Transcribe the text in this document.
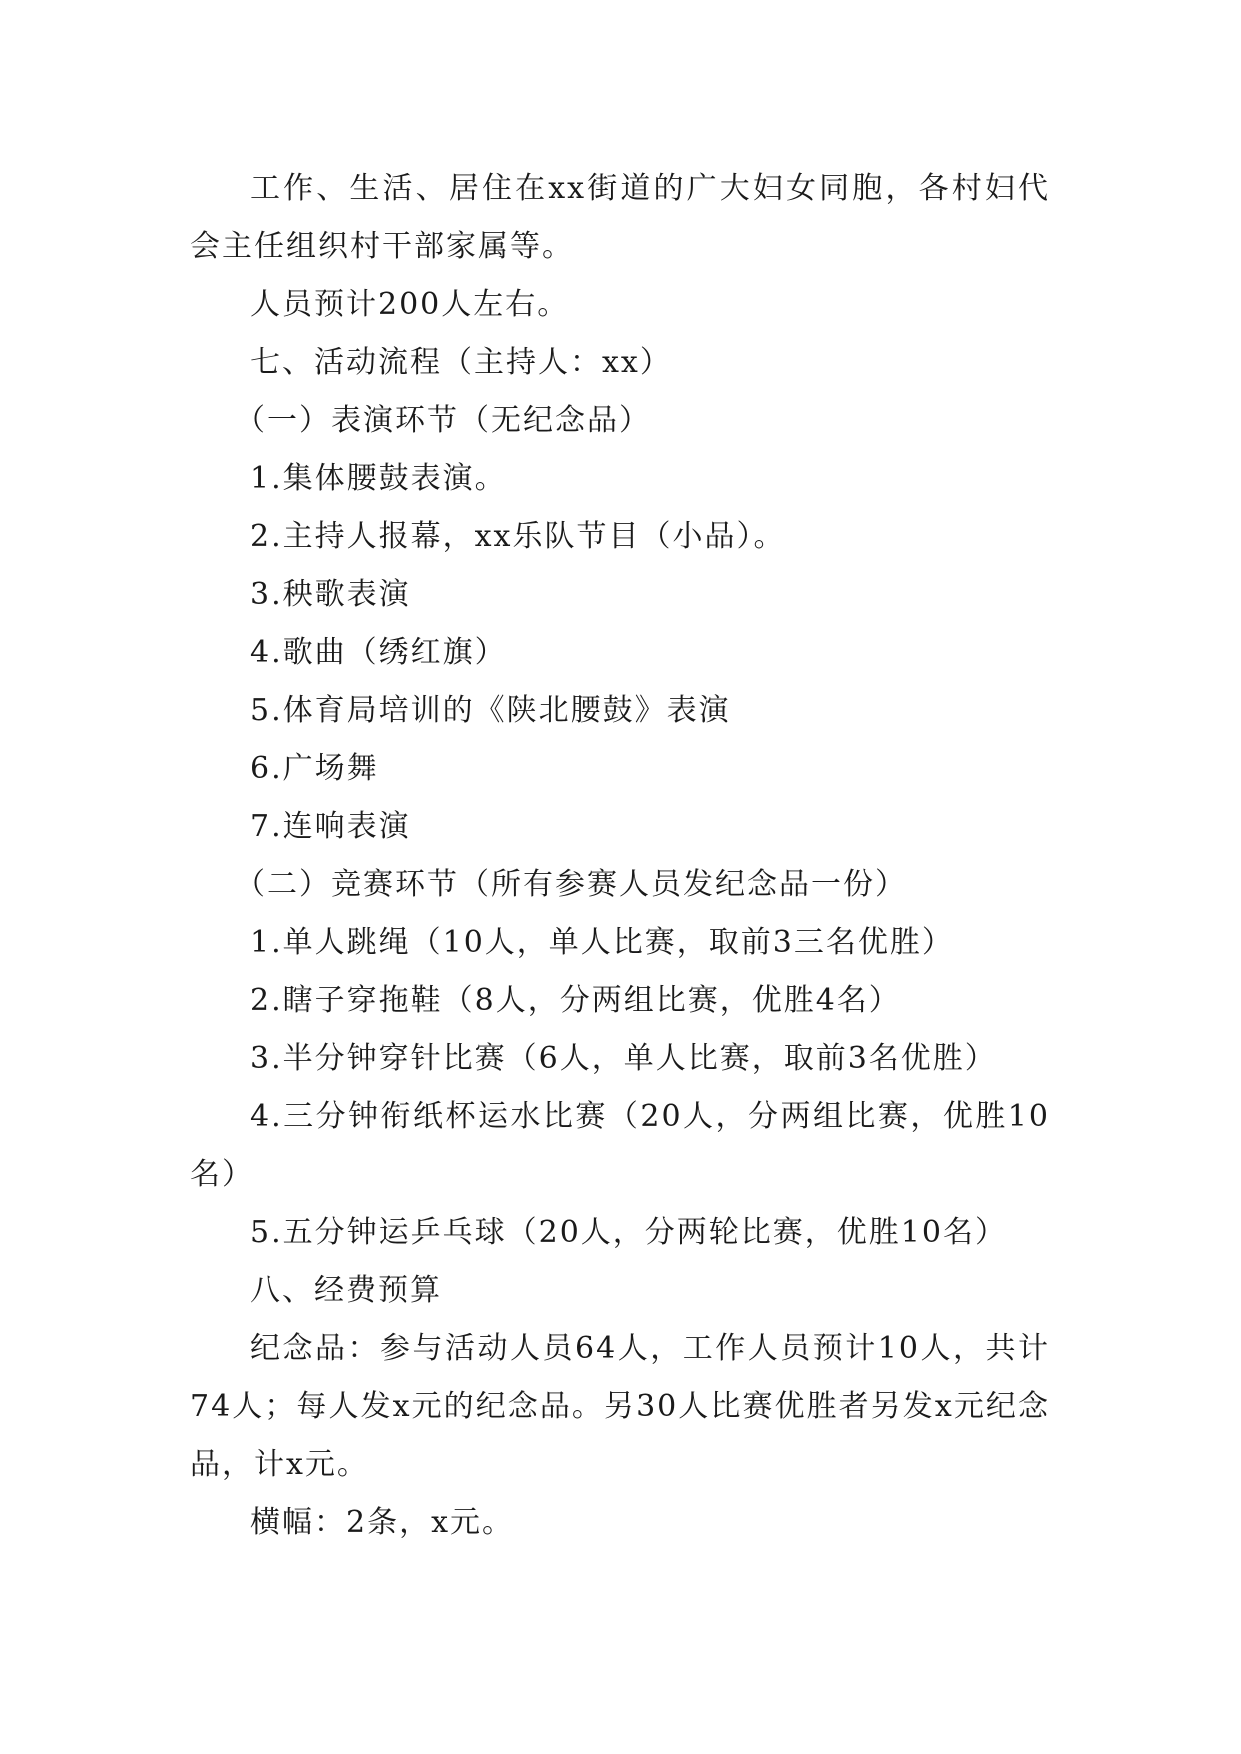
工作、生活、居住在xx街道的广大妇女同胞，各村妇代会主任组织村干部家属等。

人员预计200人左右。

七、活动流程（主持人：xx）

（一）表演环节（无纪念品）

1.集体腰鼓表演。

2.主持人报幕，xx乐队节目（小品）。

3.秧歌表演

4.歌曲（绣红旗）

5.体育局培训的《陕北腰鼓》表演

6.广场舞

7.连响表演

（二）竞赛环节（所有参赛人员发纪念品一份）

1.单人跳绳（10人，单人比赛，取前3三名优胜）

2.瞎子穿拖鞋（8人，分两组比赛，优胜4名）

3.半分钟穿针比赛（6人，单人比赛，取前3名优胜）

4.三分钟衔纸杯运水比赛（20人，分两组比赛，优胜10名）

5.五分钟运乒乓球（20人，分两轮比赛，优胜10名）

八、经费预算

纪念品：参与活动人员64人，工作人员预计10人，共计74人；每人发x元的纪念品。另30人比赛优胜者另发x元纪念品，计x元。

横幅：2条，x元。
